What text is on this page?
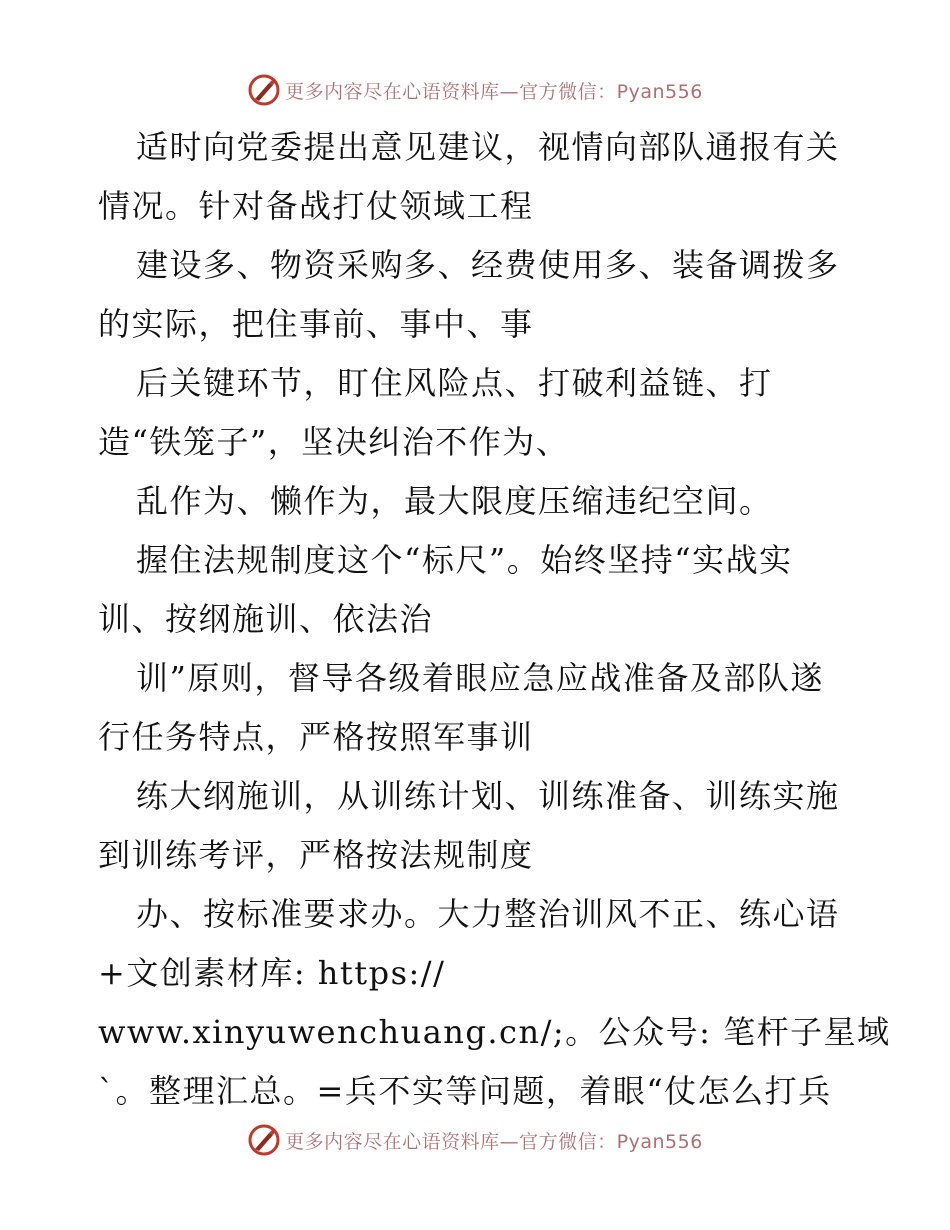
更多内容尽在心语资料库—官方微信：Pyan556
适时向党委提出意见建议，视情向部队通报有关
情况。针对备战打仗领域工程
建设多、物资采购多、经费使用多、装备调拨多
的实际，把住事前、事中、事
后关键环节，盯住风险点、打破利益链、打
造“铁笼子”，坚决纠治不作为、
乱作为、懒作为，最大限度压缩违纪空间。
握住法规制度这个“标尺”。始终坚持“实战实
训、按纲施训、依法治
训”原则，督导各级着眼应急应战准备及部队遂
行任务特点，严格按照军事训
练大纲施训，从训练计划、训练准备、训练实施
到训练考评，严格按法规制度
办、按标准要求办。大力整治训风不正、练心语
+文创素材库: https://
www.xinyuwenchuang.cn/;。公众号: 笔杆子星域
`。整理汇总。=兵不实等问题，着眼“仗怎么打兵
更多内容尽在心语资料库—官方微信：Pyan556
